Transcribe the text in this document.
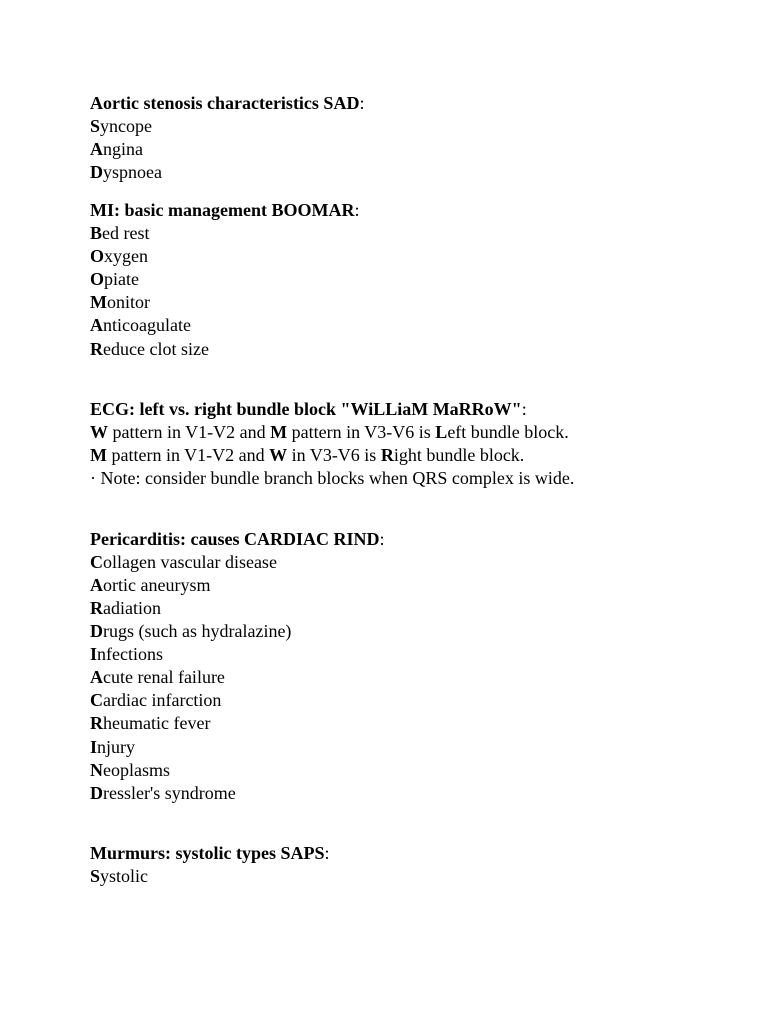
Aortic stenosis characteristics SAD:
Syncope
Angina
Dyspnoea
MI: basic management BOOMAR:
Bed rest
Oxygen
Opiate
Monitor
Anticoagulate
Reduce clot size
ECG: left vs. right bundle block "WiLLiaM MaRRoW":
W pattern in V1-V2 and M pattern in V3-V6 is Left bundle block.
M pattern in V1-V2 and W in V3-V6 is Right bundle block.
· Note: consider bundle branch blocks when QRS complex is wide.
Pericarditis: causes CARDIAC RIND:
Collagen vascular disease
Aortic aneurysm
Radiation
Drugs (such as hydralazine)
Infections
Acute renal failure
Cardiac infarction
Rheumatic fever
Injury
Neoplasms
Dressler's syndrome
Murmurs: systolic types SAPS:
Systolic
